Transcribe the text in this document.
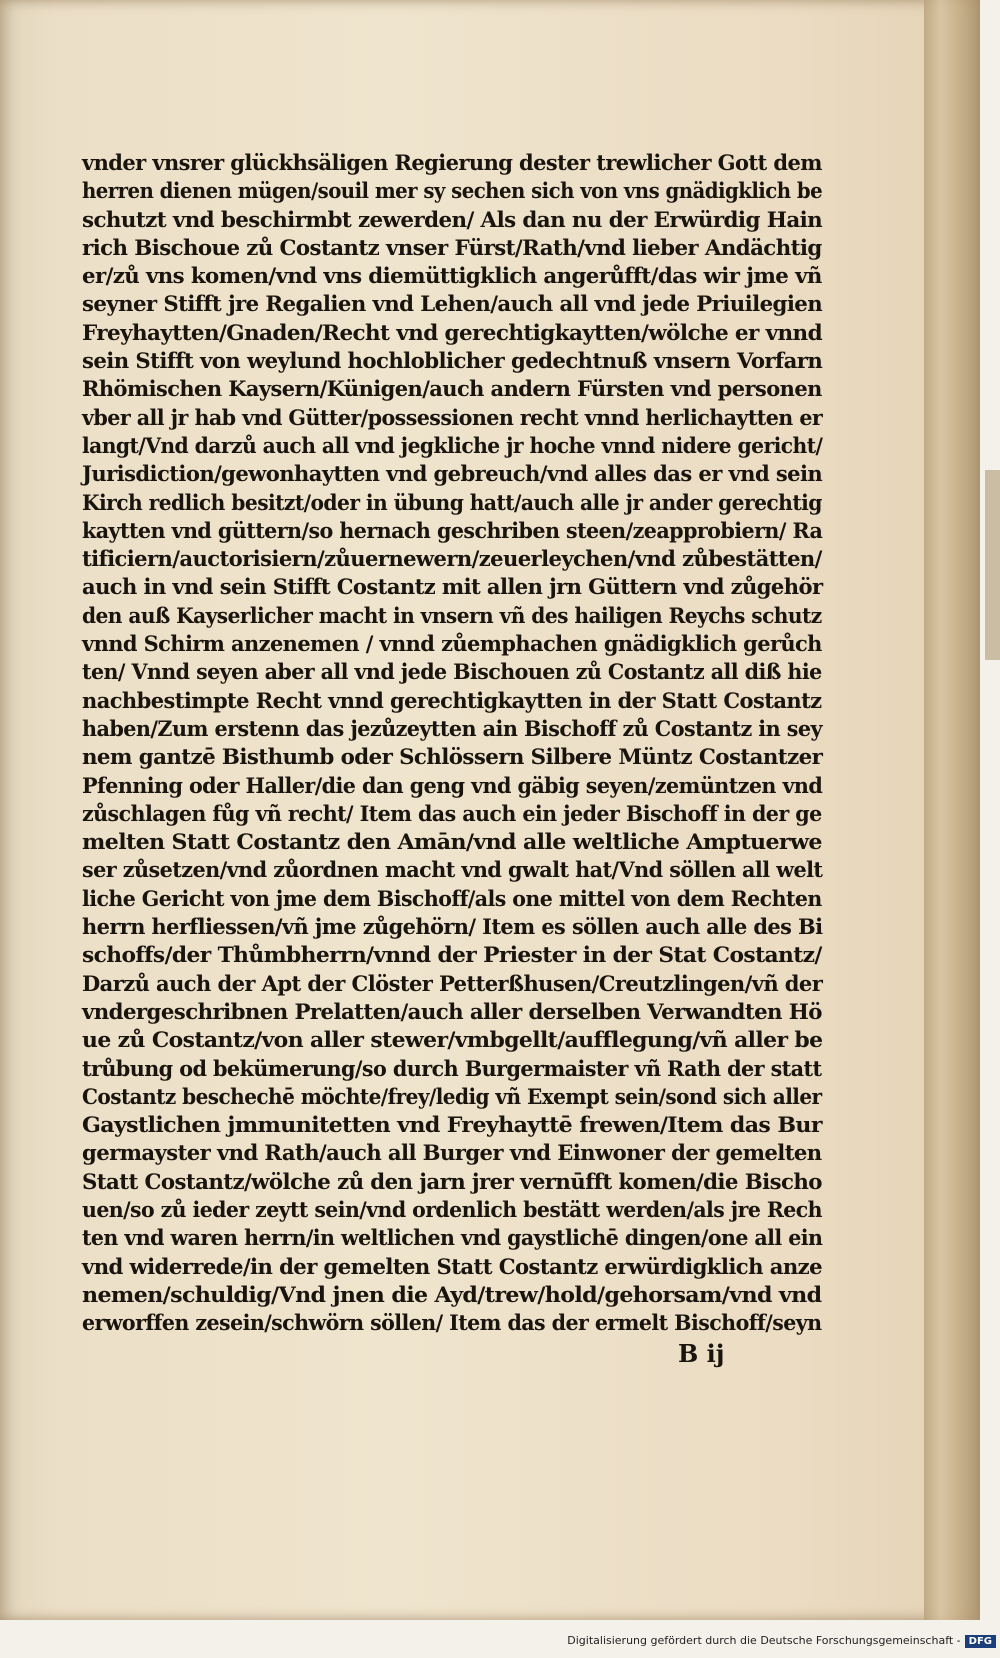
vnder vnsrer glückhsäligen Regierung dester trewlicher Gott dem
herren dienen mügen/souil mer sy sechen sich von vns gnädigklich be
schutzt vnd beschirmbt zewerden/ Als dan nu der Erwürdig Hain
rich Bischoue zů Costantz vnser Fürst/Rath/vnd lieber Andächtig
er/zů vns komen/vnd vns diemüttigklich angerůfft/das wir jme vñ
seyner Stifft jre Regalien vnd Lehen/auch all vnd jede Priuilegien
Freyhaytten/Gnaden/Recht vnd gerechtigkaytten/wölche er vnnd
sein Stifft von weylund hochloblicher gedechtnuß vnsern Vorfarn
Rhömischen Kaysern/Künigen/auch andern Fürsten vnd personen
vber all jr hab vnd Gütter/possessionen recht vnnd herlichaytten er
langt/Vnd darzů auch all vnd jegkliche jr hoche vnnd nidere gericht/
Jurisdiction/gewonhaytten vnd gebreuch/vnd alles das er vnd sein
Kirch redlich besitzt/oder in übung hatt/auch alle jr ander gerechtig
kaytten vnd güttern/so hernach geschriben steen/zeapprobiern/ Ra
tificiern/auctorisiern/zůuernewern/zeuerleychen/vnd zůbestätten/
auch in vnd sein Stifft Costantz mit allen jrn Güttern vnd zůgehör
den auß Kayserlicher macht in vnsern vñ des hailigen Reychs schutz
vnnd Schirm anzenemen / vnnd zůemphachen gnädigklich gerůch
ten/ Vnnd seyen aber all vnd jede Bischouen zů Costantz all diß hie
nachbestimpte Recht vnnd gerechtigkaytten in der Statt Costantz
haben/Zum erstenn das jezůzeytten ain Bischoff zů Costantz in sey
nem gantzē Bisthumb oder Schlössern Silbere Müntz Costantzer
Pfenning oder Haller/die dan geng vnd gäbig seyen/zemüntzen vnd
zůschlagen fůg vñ recht/ Item das auch ein jeder Bischoff in der ge
melten Statt Costantz den Amān/vnd alle weltliche Amptuerwe
ser zůsetzen/vnd zůordnen macht vnd gwalt hat/Vnd söllen all welt
liche Gericht von jme dem Bischoff/als one mittel von dem Rechten
herrn herfliessen/vñ jme zůgehörn/ Item es söllen auch alle des Bi
schoffs/der Thůmbherrn/vnnd der Priester in der Stat Costantz/
Darzů auch der Apt der Clöster Petterßhusen/Creutzlingen/vñ der
vndergeschribnen Prelatten/auch aller derselben Verwandten Hö
ue zů Costantz/von aller stewer/vmbgellt/aufflegung/vñ aller be
trůbung od bekümerung/so durch Burgermaister vñ Rath der statt
Costantz beschechē möchte/frey/ledig vñ Exempt sein/sond sich aller
Gaystlichen jmmunitetten vnd Freyhayttē frewen/Item das Bur
germayster vnd Rath/auch all Burger vnd Einwoner der gemelten
Statt Costantz/wölche zů den jarn jrer vernūfft komen/die Bischo
uen/so zů ieder zeytt sein/vnd ordenlich bestätt werden/als jre Rech
ten vnd waren herrn/in weltlichen vnd gaystlichē dingen/one all ein
vnd widerrede/in der gemelten Statt Costantz erwürdigklich anze
nemen/schuldig/Vnd jnen die Ayd/trew/hold/gehorsam/vnd vnd
erworffen zesein/schwörn söllen/ Item das der ermelt Bischoff/seyn
B ij
Digitalisierung gefördert durch die Deutsche Forschungsgemeinschaft - DFG
